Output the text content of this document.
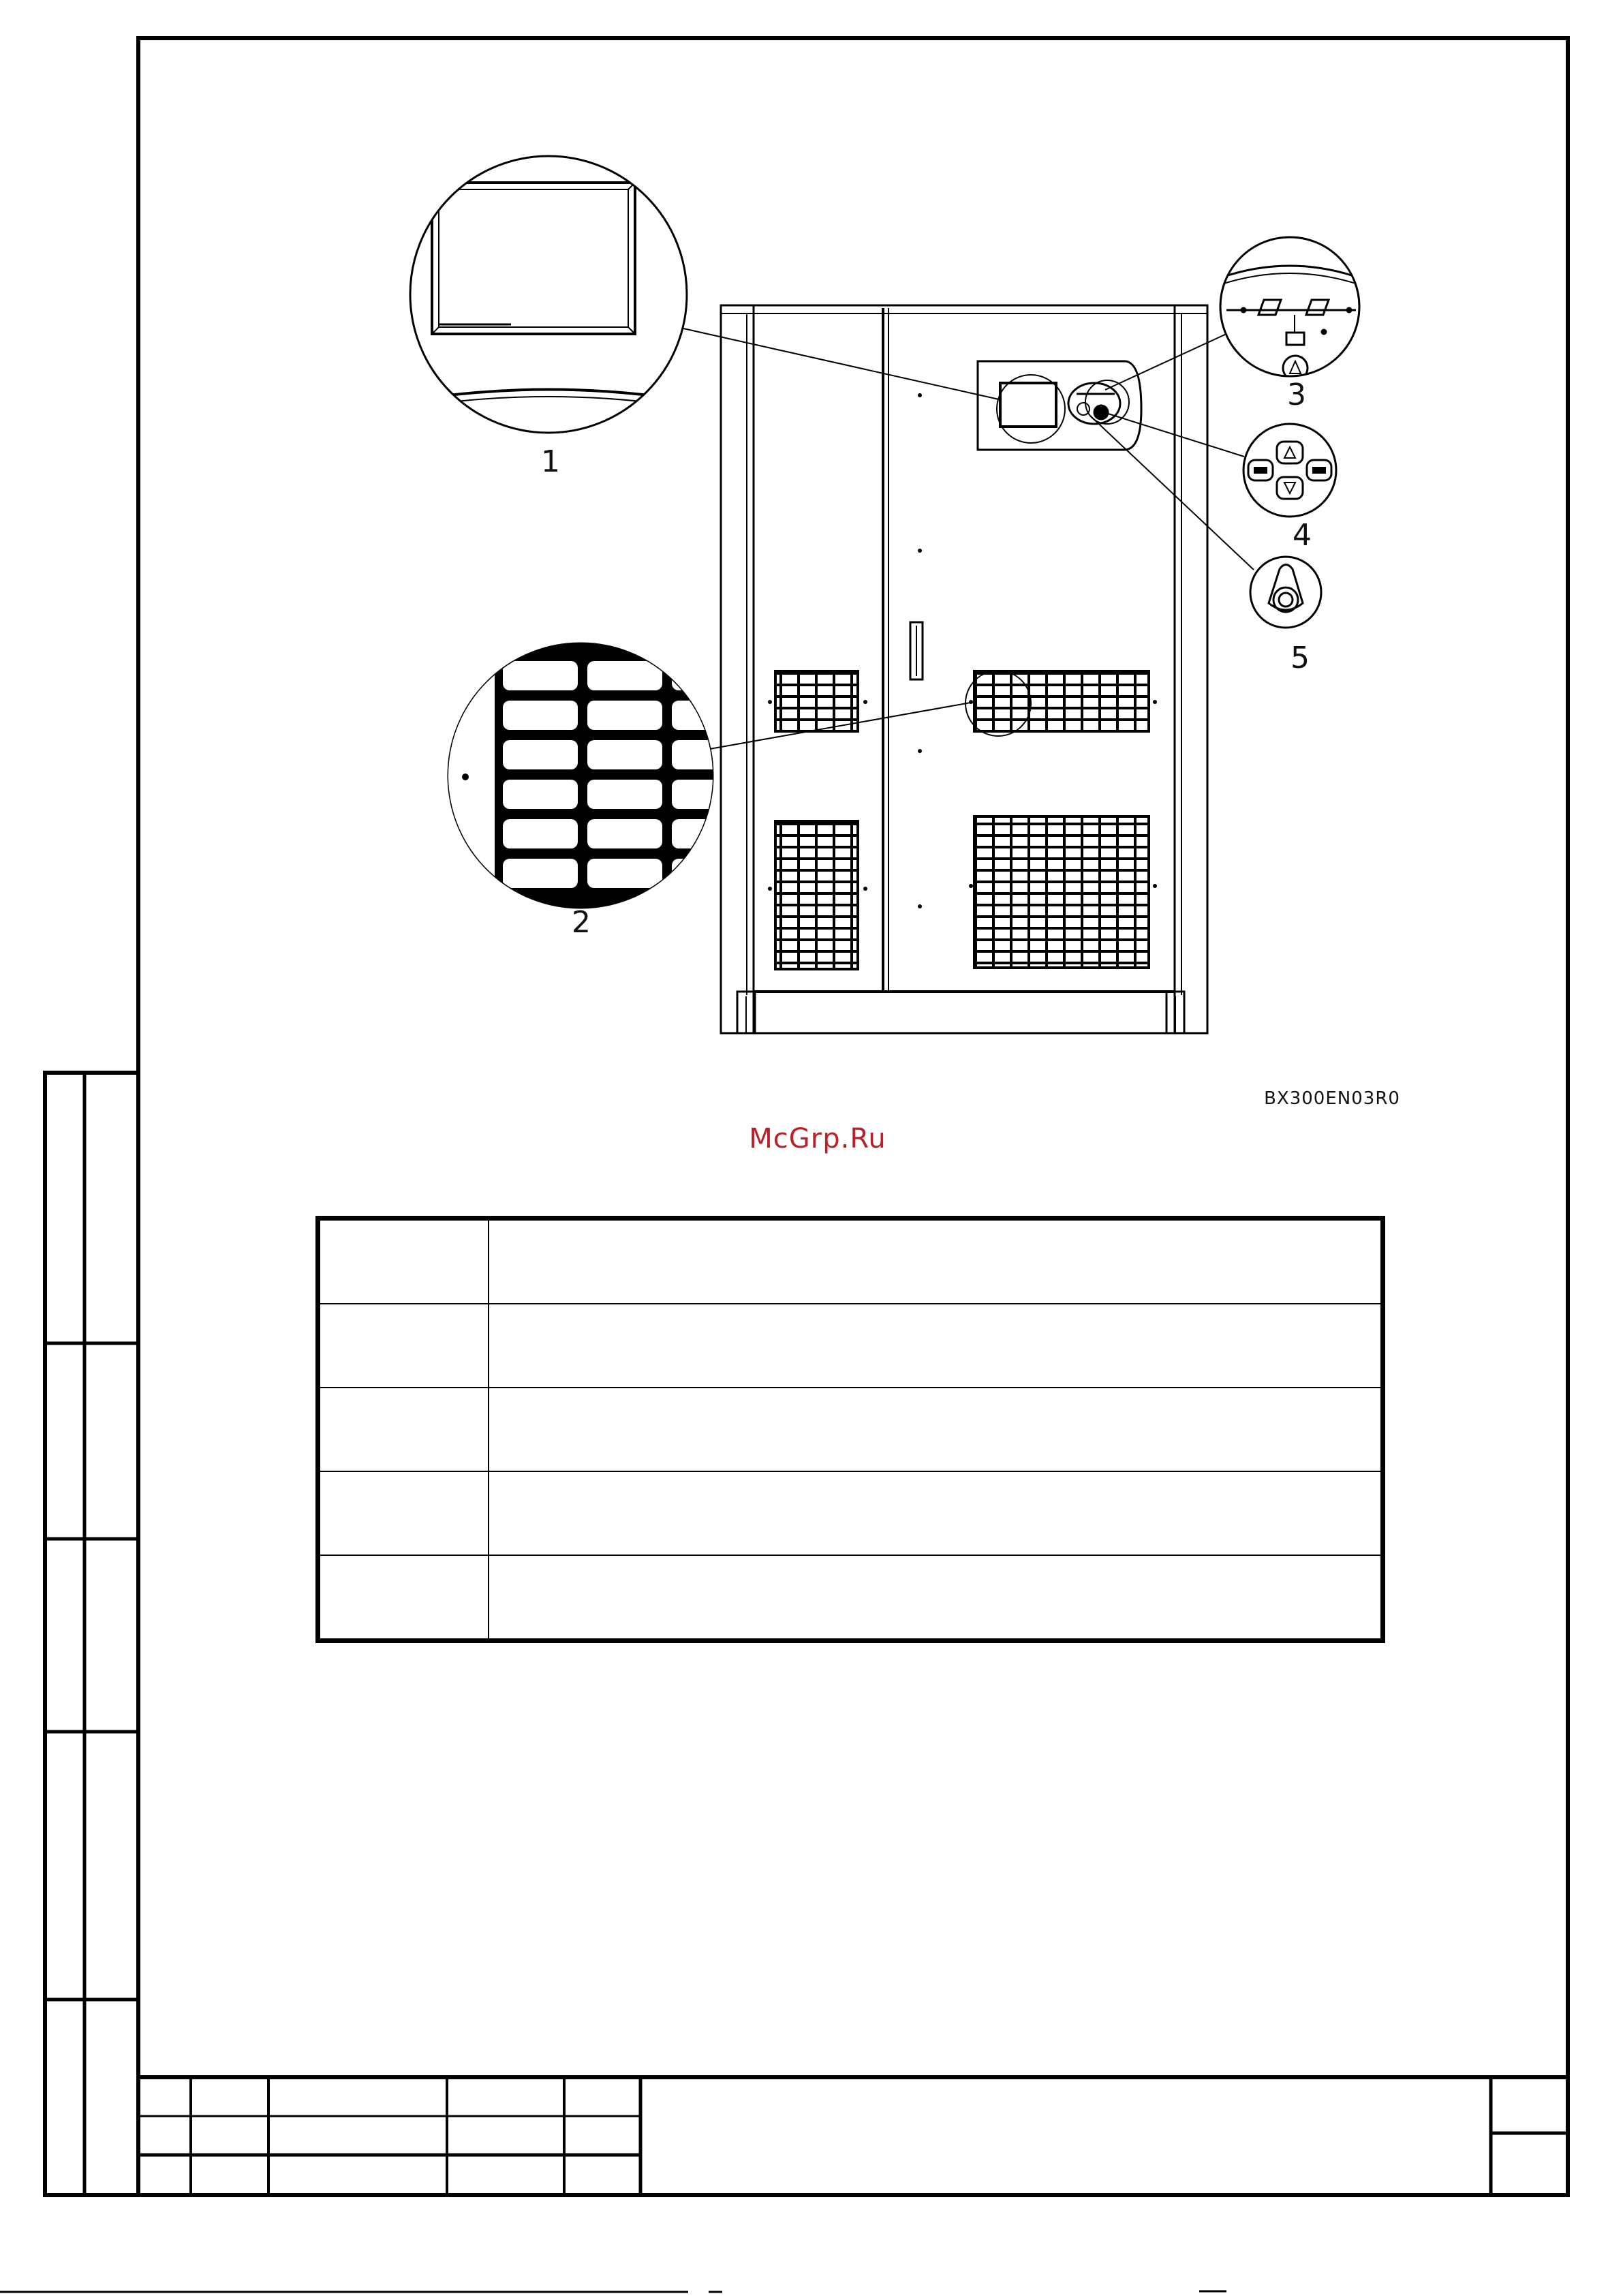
1
2
3
4
5
BX300EN03R0
McGrp.Ru
